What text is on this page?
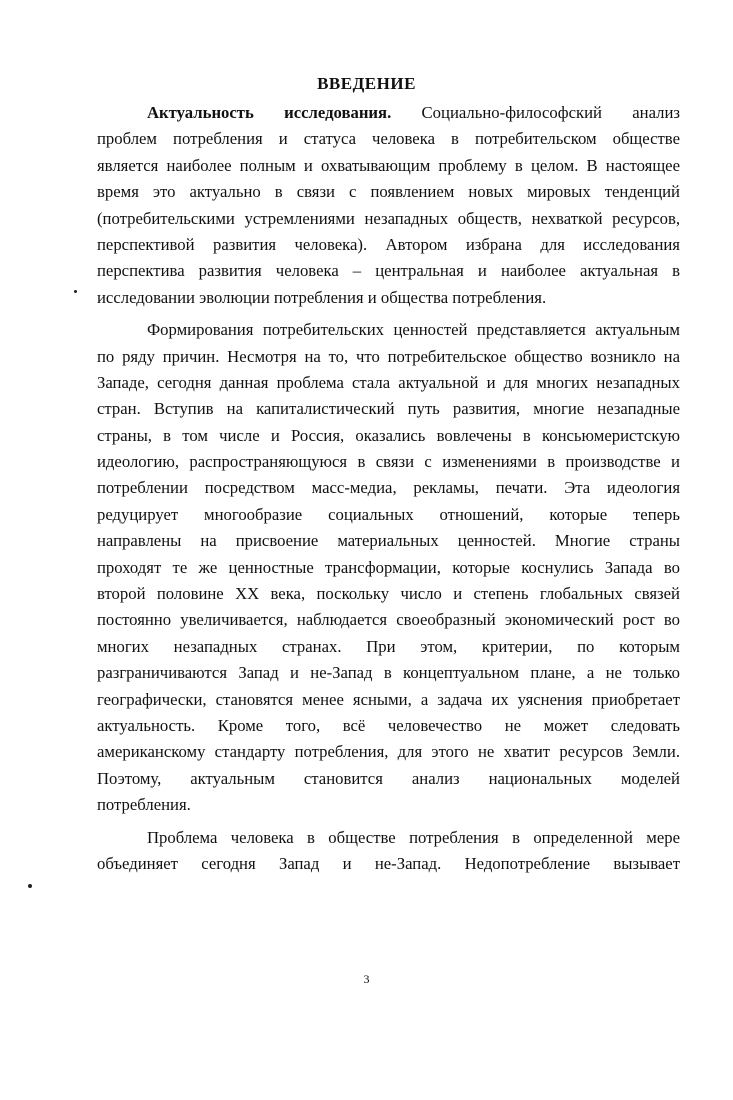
ВВЕДЕНИЕ
Актуальность исследования. Социально-философский анализ
проблем потребления и статуса человека в потребительском обществе
является наиболее полным и охватывающим проблему в целом. В настоящее
время это актуально в связи с появлением новых мировых тенденций
(потребительскими устремлениями незападных обществ, нехваткой ресурсов,
перспективой развития человека). Автором избрана для исследования
перспектива развития человека – центральная и наиболее актуальная в
исследовании эволюции потребления и общества потребления.
Формирования потребительских ценностей представляется актуальным
по ряду причин. Несмотря на то, что потребительское общество возникло на
Западе, сегодня данная проблема стала актуальной и для многих незападных
стран. Вступив на капиталистический путь развития, многие незападные
страны, в том числе и Россия, оказались вовлечены в консьюмеристскую
идеологию, распространяющуюся в связи с изменениями в производстве и
потреблении посредством масс-медиа, рекламы, печати. Эта идеология
редуцирует многообразие социальных отношений, которые теперь
направлены на присвоение материальных ценностей. Многие страны
проходят те же ценностные трансформации, которые коснулись Запада во
второй половине XX века, поскольку число и степень глобальных связей
постоянно увеличивается, наблюдается своеобразный экономический рост во
многих незападных странах. При этом, критерии, по которым
разграничиваются Запад и не-Запад в концептуальном плане, а не только
географически, становятся менее ясными, а задача их уяснения приобретает
актуальность. Кроме того, всё человечество не может следовать
американскому стандарту потребления, для этого не хватит ресурсов Земли.
Поэтому, актуальным становится анализ национальных моделей
потребления.
Проблема человека в обществе потребления в определенной мере
объединяет сегодня Запад и не-Запад. Недопотребление вызывает
3
